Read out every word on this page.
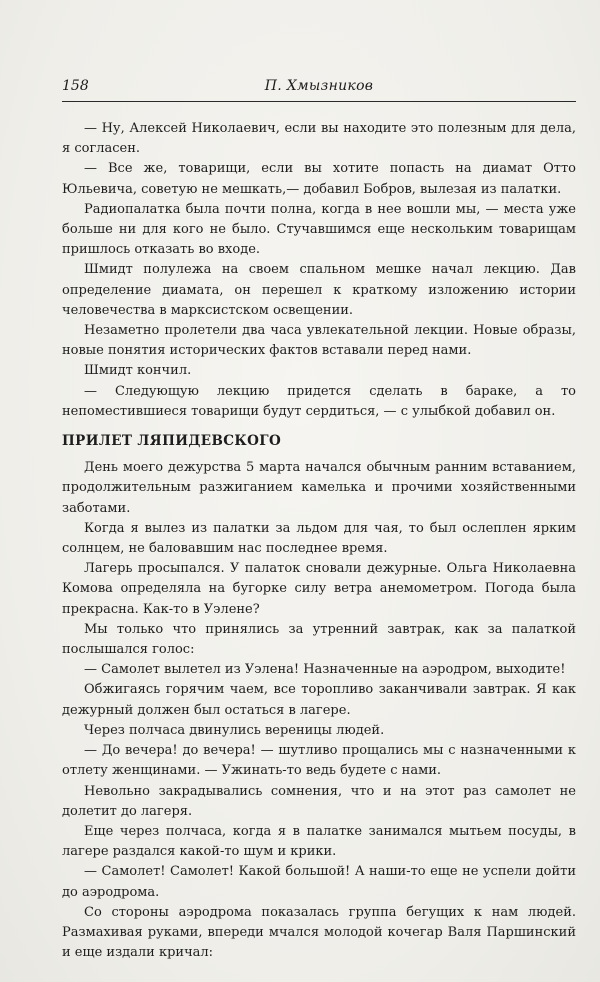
158	П. Хмызников

— Ну, Алексей Николаевич, если вы находите это полезным для дела, я согласен.

— Все же, товарищи, если вы хотите попасть на диамат Отто Юльевича, советую не мешкать,— добавил Бобров, вылезая из палатки.

Радиопалатка была почти полна, когда в нее вошли мы, — места уже больше ни для кого не было. Стучавшимся еще нескольким товарищам пришлось отказать во входе.

Шмидт полулежа на своем спальном мешке начал лекцию. Дав определение диамата, он перешел к краткому изложению истории человечества в марксистском освещении.

Незаметно пролетели два часа увлекательной лекции. Новые образы, новые понятия исторических фактов вставали перед нами.

Шмидт кончил.

— Следующую лекцию придется сделать в бараке, а то непоместившиеся товарищи будут сердиться, — с улыбкой добавил он.

ПРИЛЕТ ЛЯПИДЕВСКОГО

День моего дежурства 5 марта начался обычным ранним вставанием, продолжительным разжиганием камелька и прочими хозяйственными заботами.

Когда я вылез из палатки за льдом для чая, то был ослеплен ярким солнцем, не баловавшим нас последнее время.

Лагерь просыпался. У палаток сновали дежурные. Ольга Николаевна Комова определяла на бугорке силу ветра анемометром. Погода была прекрасна. Как-то в Уэлене?

Мы только что принялись за утренний завтрак, как за палаткой послышался голос:

— Самолет вылетел из Уэлена! Назначенные на аэродром, выходите!

Обжигаясь горячим чаем, все торопливо заканчивали завтрак. Я как дежурный должен был остаться в лагере.

Через полчаса двинулись вереницы людей.

— До вечера! до вечера! — шутливо прощались мы с назначенными к отлету женщинами. — Ужинать-то ведь будете с нами.

Невольно закрадывались сомнения, что и на этот раз самолет не долетит до лагеря.

Еще через полчаса, когда я в палатке занимался мытьем посуды, в лагере раздался какой-то шум и крики.

— Самолет! Самолет! Какой большой! А наши-то еще не успели дойти до аэродрома.

Со стороны аэродрома показалась группа бегущих к нам людей. Размахивая руками, впереди мчался молодой кочегар Валя Паршинский и еще издали кричал:
